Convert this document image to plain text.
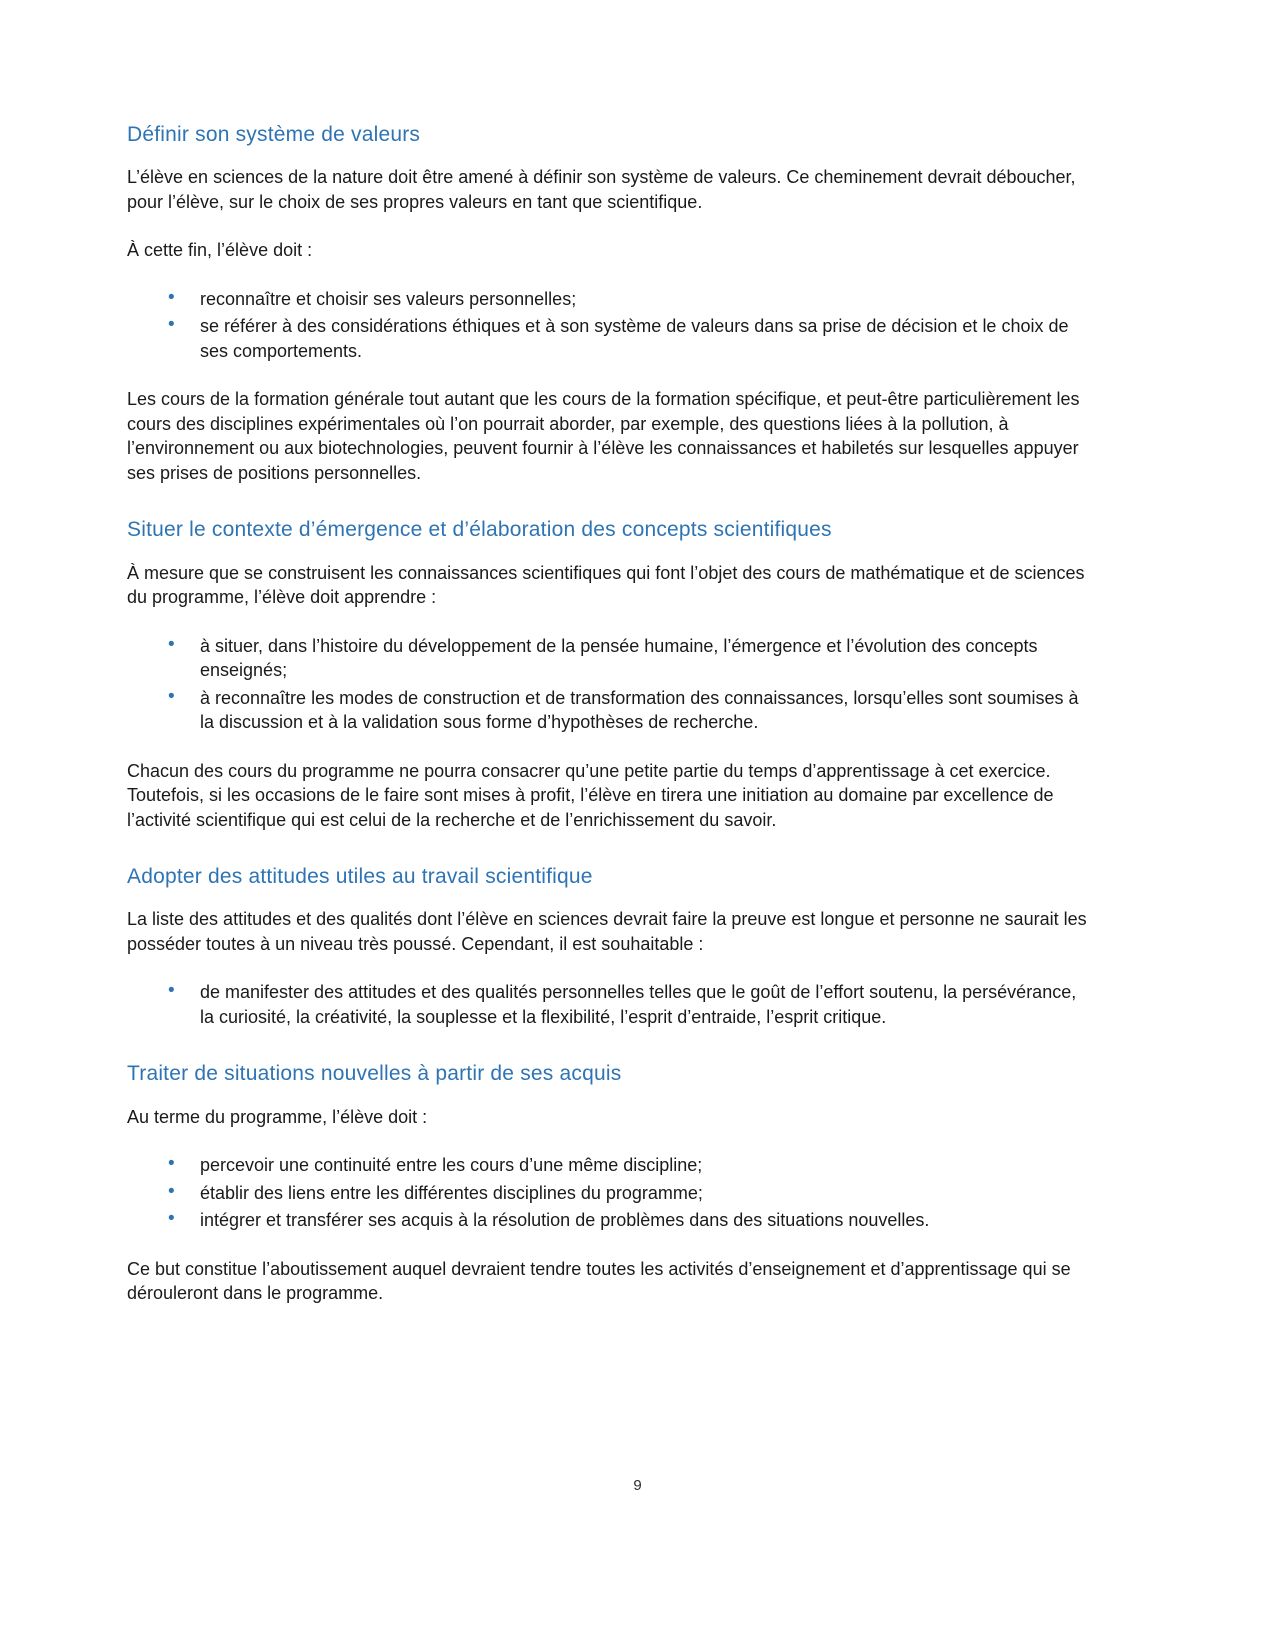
Définir son système de valeurs

L’élève en sciences de la nature doit être amené à définir son système de valeurs. Ce cheminement devrait déboucher, pour l’élève, sur le choix de ses propres valeurs en tant que scientifique.

À cette fin, l’élève doit :

• reconnaître et choisir ses valeurs personnelles;
• se référer à des considérations éthiques et à son système de valeurs dans sa prise de décision et le choix de ses comportements.

Les cours de la formation générale tout autant que les cours de la formation spécifique, et peut-être particulièrement les cours des disciplines expérimentales où l’on pourrait aborder, par exemple, des questions liées à la pollution, à l’environnement ou aux biotechnologies, peuvent fournir à l’élève les connaissances et habiletés sur lesquelles appuyer ses prises de positions personnelles.

Situer le contexte d’émergence et d’élaboration des concepts scientifiques

À mesure que se construisent les connaissances scientifiques qui font l’objet des cours de mathématique et de sciences du programme, l’élève doit apprendre :

• à situer, dans l’histoire du développement de la pensée humaine, l’émergence et l’évolution des concepts enseignés;
• à reconnaître les modes de construction et de transformation des connaissances, lorsqu’elles sont soumises à la discussion et à la validation sous forme d’hypothèses de recherche.

Chacun des cours du programme ne pourra consacrer qu’une petite partie du temps d’apprentissage à cet exercice. Toutefois, si les occasions de le faire sont mises à profit, l’élève en tirera une initiation au domaine par excellence de l’activité scientifique qui est celui de la recherche et de l’enrichissement du savoir.

Adopter des attitudes utiles au travail scientifique

La liste des attitudes et des qualités dont l’élève en sciences devrait faire la preuve est longue et personne ne saurait les posséder toutes à un niveau très poussé. Cependant, il est souhaitable :

• de manifester des attitudes et des qualités personnelles telles que le goût de l’effort soutenu, la persévérance, la curiosité, la créativité, la souplesse et la flexibilité, l’esprit d’entraide, l’esprit critique.
Traiter de situations nouvelles à partir de ses acquis

Au terme du programme, l’élève doit :

• percevoir une continuité entre les cours d’une même discipline;
• établir des liens entre les différentes disciplines du programme;
• intégrer et transférer ses acquis à la résolution de problèmes dans des situations nouvelles.

Ce but constitue l’aboutissement auquel devraient tendre toutes les activités d’enseignement et d’apprentissage qui se dérouleront dans le programme.

9
